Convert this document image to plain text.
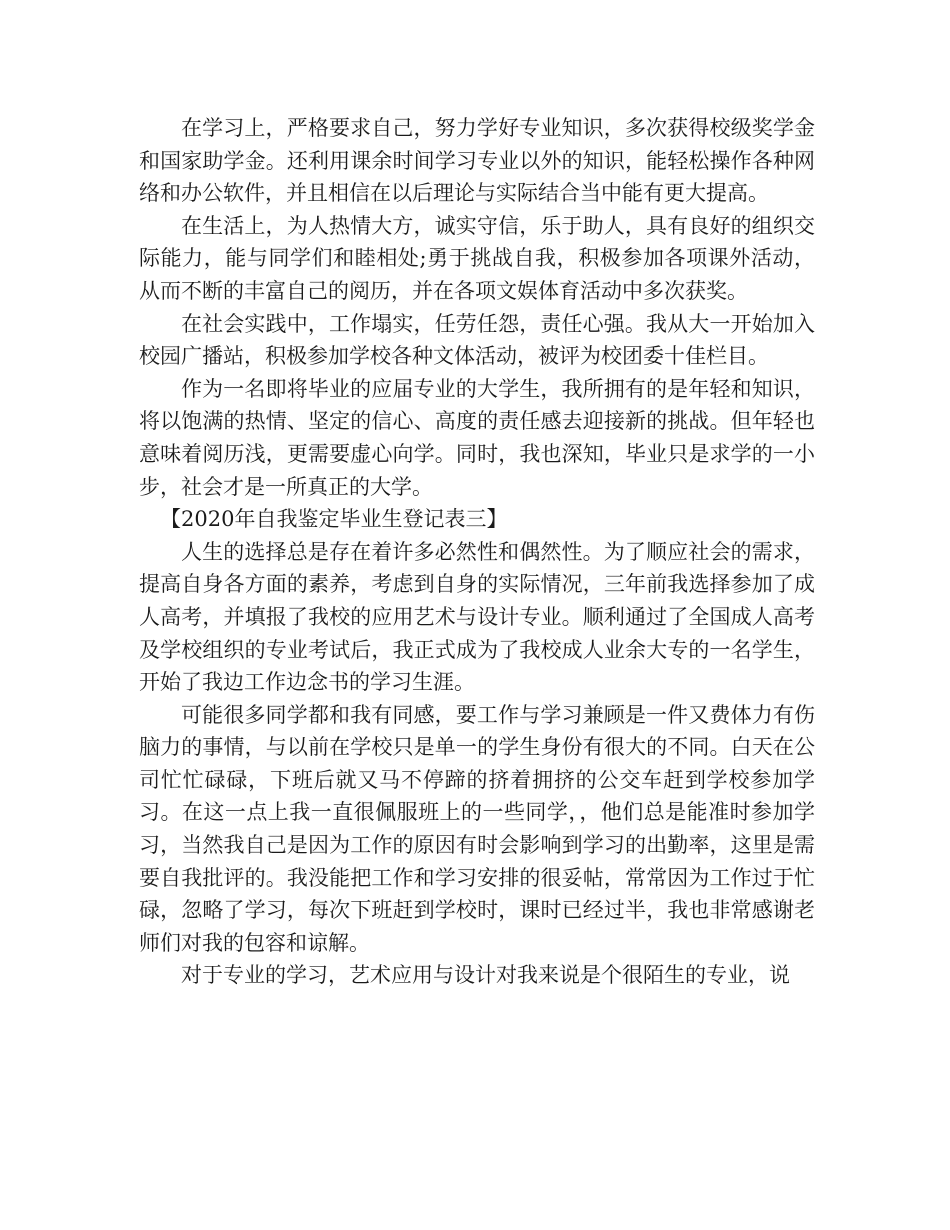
在学习上，严格要求自己，努力学好专业知识，多次获得校级奖学金和国家助学金。还利用课余时间学习专业以外的知识，能轻松操作各种网络和办公软件，并且相信在以后理论与实际结合当中能有更大提高。

在生活上，为人热情大方，诚实守信，乐于助人，具有良好的组织交际能力，能与同学们和睦相处;勇于挑战自我，积极参加各项课外活动，从而不断的丰富自己的阅历，并在各项文娱体育活动中多次获奖。

在社会实践中，工作塌实，任劳任怨，责任心强。我从大一开始加入校园广播站，积极参加学校各种文体活动，被评为校团委十佳栏目。

作为一名即将毕业的应届专业的大学生，我所拥有的是年轻和知识，将以饱满的热情、坚定的信心、高度的责任感去迎接新的挑战。但年轻也意味着阅历浅，更需要虚心向学。同时，我也深知，毕业只是求学的一小步，社会才是一所真正的大学。

【2020年自我鉴定毕业生登记表三】

人生的选择总是存在着许多必然性和偶然性。为了顺应社会的需求，提高自身各方面的素养，考虑到自身的实际情况，三年前我选择参加了成人高考，并填报了我校的应用艺术与设计专业。顺利通过了全国成人高考及学校组织的专业考试后，我正式成为了我校成人业余大专的一名学生，开始了我边工作边念书的学习生涯。

可能很多同学都和我有同感，要工作与学习兼顾是一件又费体力有伤脑力的事情，与以前在学校只是单一的学生身份有很大的不同。白天在公司忙忙碌碌，下班后就又马不停蹄的挤着拥挤的公交车赶到学校参加学习。在这一点上我一直很佩服班上的一些同学，，他们总是能准时参加学习，当然我自己是因为工作的原因有时会影响到学习的出勤率，这里是需要自我批评的。我没能把工作和学习安排的很妥帖，常常因为工作过于忙碌，忽略了学习，每次下班赶到学校时，课时已经过半，我也非常感谢老师们对我的包容和谅解。

对于专业的学习，艺术应用与设计对我来说是个很陌生的专业，说
